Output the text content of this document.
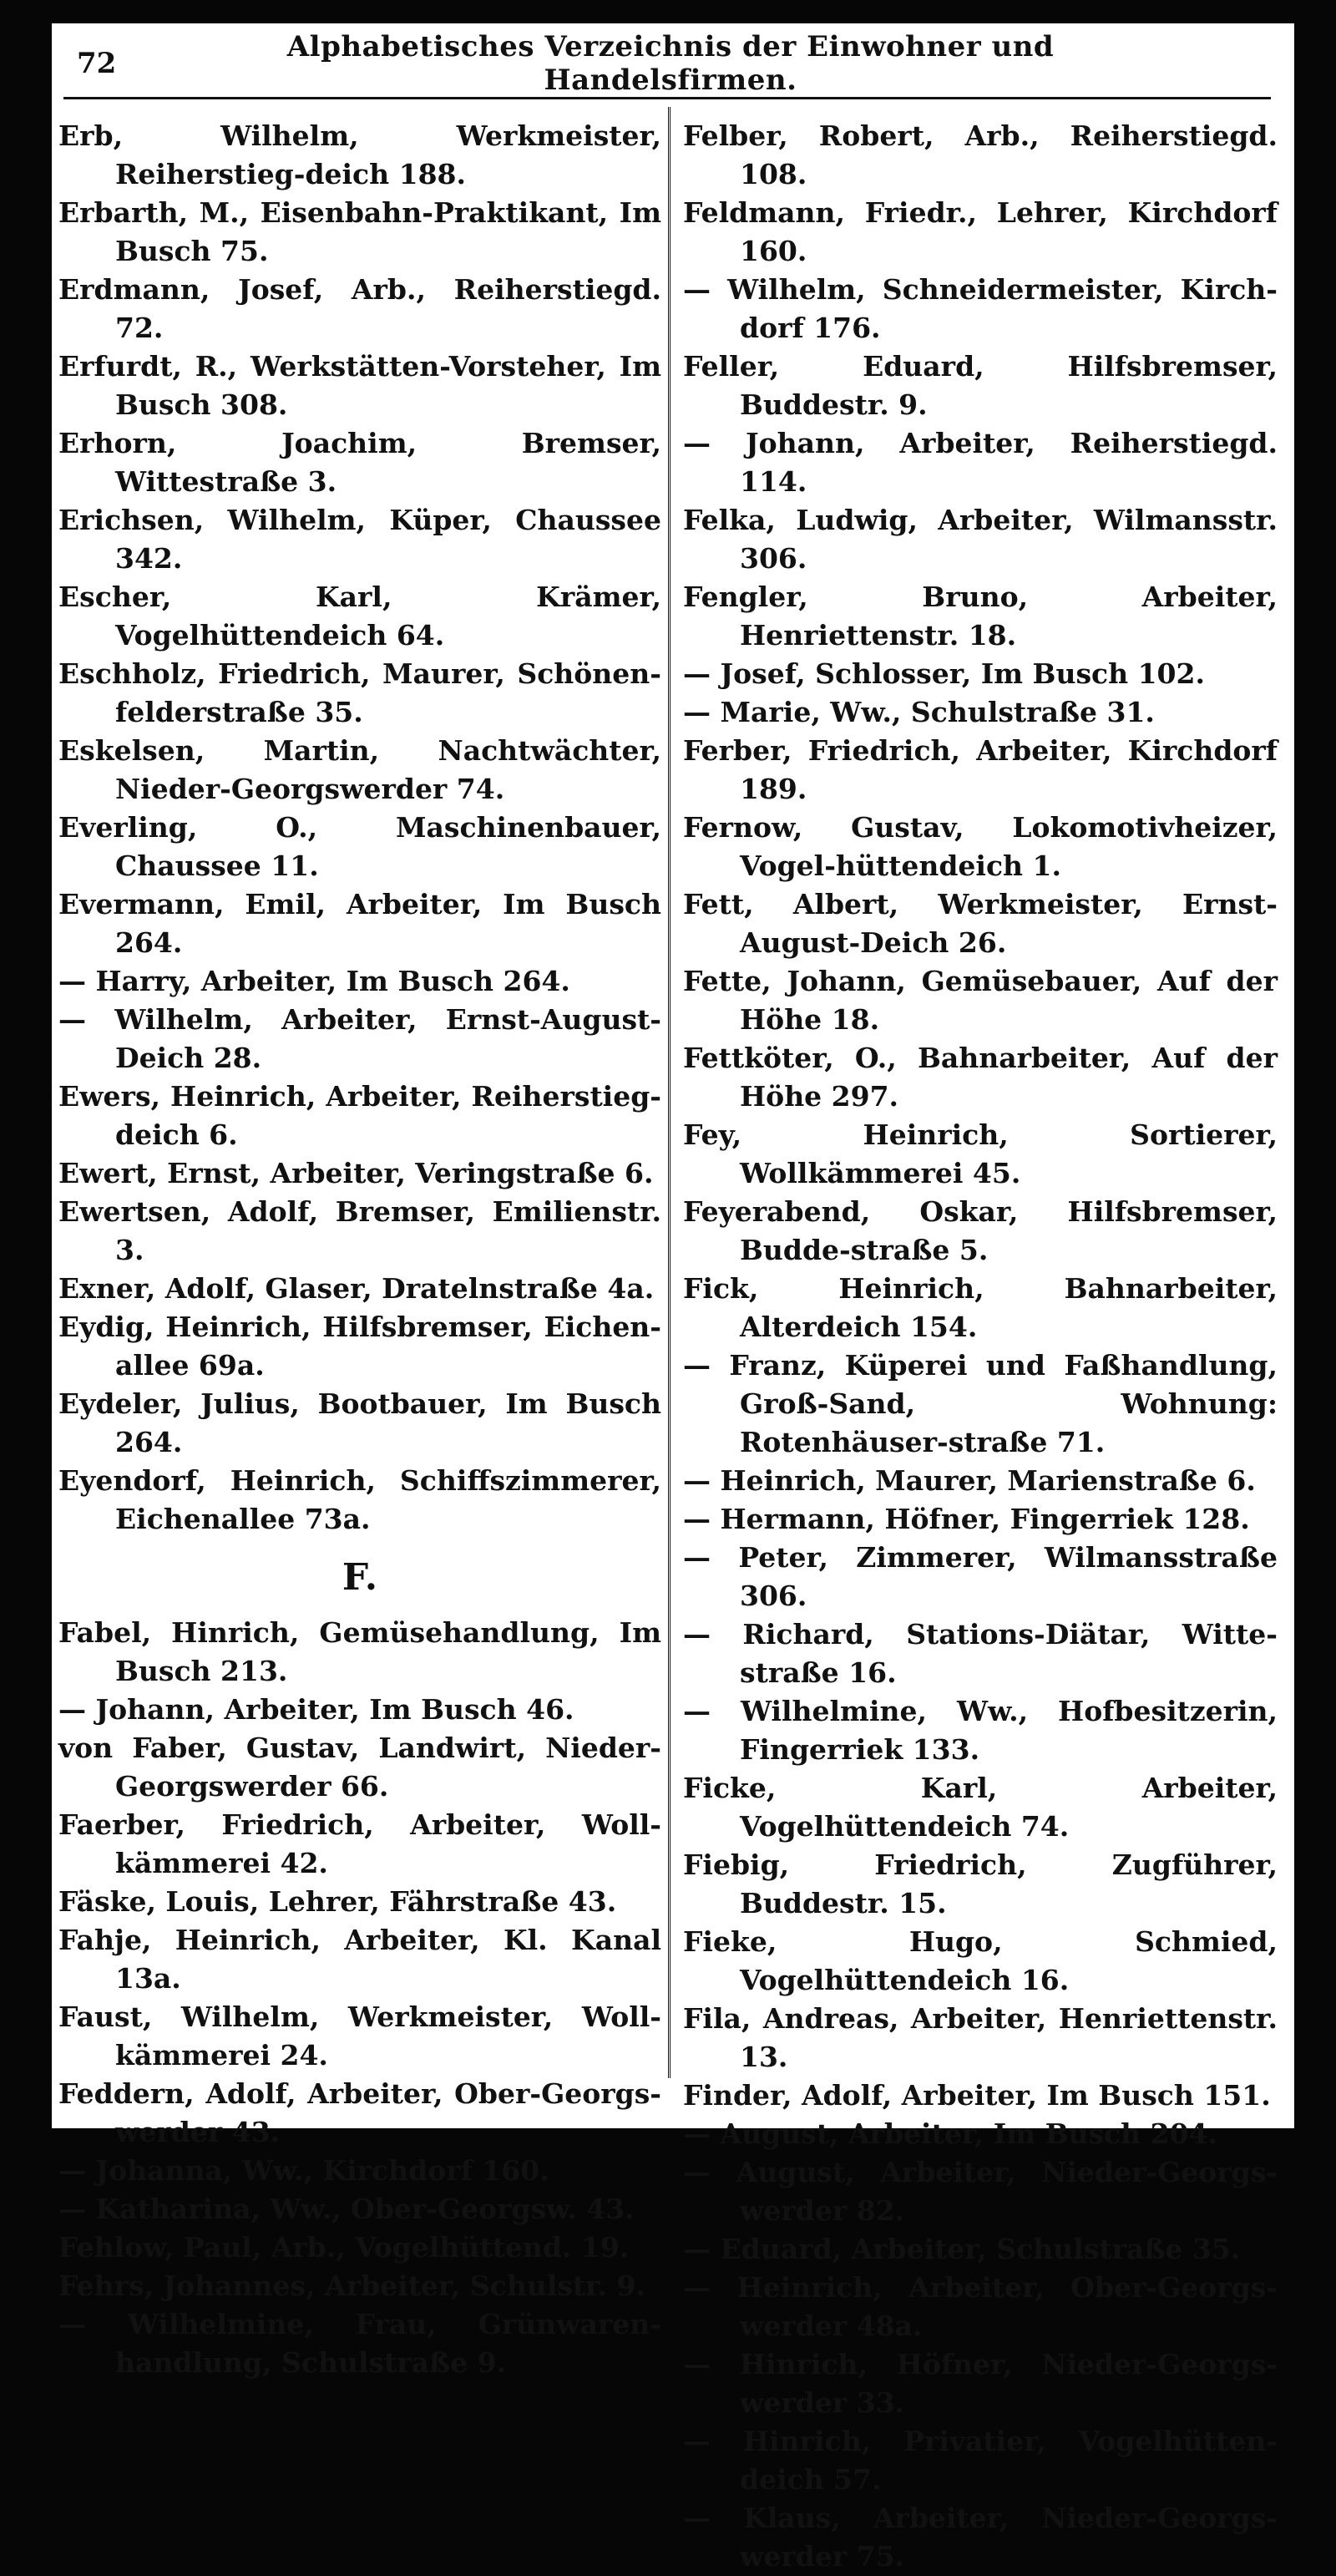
72	Alphabetisches Verzeichnis der Einwohner und Handelsfirmen.
Erb, Wilhelm, Werkmeister, Reiherstieg-deich 188.
Erbarth, M., Eisenbahn-Praktikant, Im Busch 75.
Erdmann, Josef, Arb., Reiherstiegd. 72.
Erfurdt, R., Werkstätten-Vorsteher, Im Busch 308.
Erhorn, Joachim, Bremser, Wittestraße 3.
Erichsen, Wilhelm, Küper, Chaussee 342.
Escher, Karl, Krämer, Vogelhüttendeich 64.
Eschholz, Friedrich, Maurer, Schönen-felderstraße 35.
Eskelsen, Martin, Nachtwächter, Nieder-Georgswerder 74.
Everling, O., Maschinenbauer, Chaussee 11.
Evermann, Emil, Arbeiter, Im Busch 264.
— Harry, Arbeiter, Im Busch 264.
— Wilhelm, Arbeiter, Ernst-August-Deich 28.
Ewers, Heinrich, Arbeiter, Reiherstieg-deich 6.
Ewert, Ernst, Arbeiter, Veringstraße 6.
Ewertsen, Adolf, Bremser, Emilienstr. 3.
Exner, Adolf, Glaser, Dratelnstraße 4a.
Eydig, Heinrich, Hilfsbremser, Eichen-allee 69a.
Eydeler, Julius, Bootbauer, Im Busch 264.
Eyendorf, Heinrich, Schiffszimmerer, Eichenallee 73a.
F.
Fabel, Hinrich, Gemüsehandlung, Im Busch 213.
— Johann, Arbeiter, Im Busch 46.
von Faber, Gustav, Landwirt, Nieder-Georgswerder 66.
Faerber, Friedrich, Arbeiter, Woll-kämmerei 42.
Fäske, Louis, Lehrer, Fährstraße 43.
Fahje, Heinrich, Arbeiter, Kl. Kanal 13a.
Faust, Wilhelm, Werkmeister, Woll-kämmerei 24.
Feddern, Adolf, Arbeiter, Ober-Georgs-werder 43.
— Johanna, Ww., Kirchdorf 160.
— Katharina, Ww., Ober-Georgsw. 43.
Fehlow, Paul, Arb., Vogelhüttend. 19.
Fehrs, Johannes, Arbeiter, Schulstr. 9.
— Wilhelmine, Frau, Grünwaren-handlung, Schulstraße 9.
Felber, Robert, Arb., Reiherstiegd. 108.
Feldmann, Friedr., Lehrer, Kirchdorf 160.
— Wilhelm, Schneidermeister, Kirch-dorf 176.
Feller, Eduard, Hilfsbremser, Buddestr. 9.
— Johann, Arbeiter, Reiherstiegd. 114.
Felka, Ludwig, Arbeiter, Wilmansstr. 306.
Fengler, Bruno, Arbeiter, Henriettenstr. 18.
— Josef, Schlosser, Im Busch 102.
— Marie, Ww., Schulstraße 31.
Ferber, Friedrich, Arbeiter, Kirchdorf 189.
Fernow, Gustav, Lokomotivheizer, Vogel-hüttendeich 1.
Fett, Albert, Werkmeister, Ernst-August-Deich 26.
Fette, Johann, Gemüsebauer, Auf der Höhe 18.
Fettköter, O., Bahnarbeiter, Auf der Höhe 297.
Fey, Heinrich, Sortierer, Wollkämmerei 45.
Feyerabend, Oskar, Hilfsbremser, Budde-straße 5.
Fick, Heinrich, Bahnarbeiter, Alterdeich 154.
— Franz, Küperei und Faßhandlung, Groß-Sand, Wohnung: Rotenhäuser-straße 71.
— Heinrich, Maurer, Marienstraße 6.
— Hermann, Höfner, Fingerriek 128.
— Peter, Zimmerer, Wilmansstraße 306.
— Richard, Stations-Diätar, Witte-straße 16.
— Wilhelmine, Ww., Hofbesitzerin, Fingerriek 133.
Ficke, Karl, Arbeiter, Vogelhüttendeich 74.
Fiebig, Friedrich, Zugführer, Buddestr. 15.
Fieke, Hugo, Schmied, Vogelhüttendeich 16.
Fila, Andreas, Arbeiter, Henriettenstr. 13.
Finder, Adolf, Arbeiter, Im Busch 151.
— August, Arbeiter, Im Busch 204.
— August, Arbeiter, Nieder-Georgs-werder 82.
— Eduard, Arbeiter, Schulstraße 35.
— Heinrich, Arbeiter, Ober-Georgs-werder 48a.
— Hinrich, Höfner, Nieder-Georgs-werder 33.
— Hinrich, Privatier, Vogelhütten-deich 57.
— Klaus, Arbeiter, Nieder-Georgs-werder 75.
